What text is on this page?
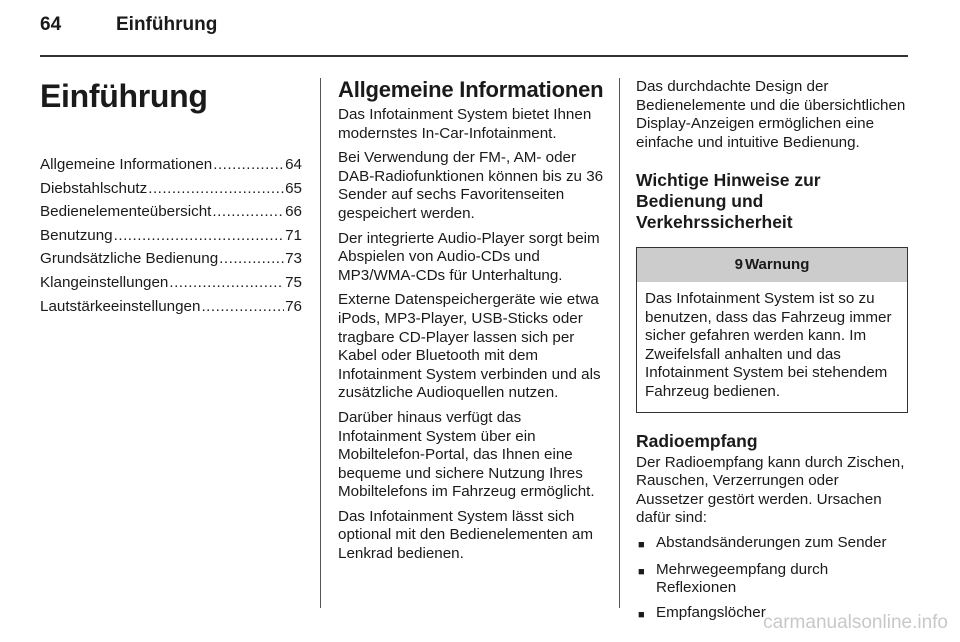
64	Einführung
Einführung
Allgemeine Informationen .....	64
Diebstahlschutz .....	65
Bedienelementeübersicht .....	66
Benutzung .....	71
Grundsätzliche Bedienung .....	73
Klangeinstellungen .....	75
Lautstärkeeinstellungen .....	76
Allgemeine Informationen

Das Infotainment System bietet Ihnen modernstes In-Car-Infotainment.

Bei Verwendung der FM-, AM- oder DAB-Radiofunktionen können bis zu 36 Sender auf sechs Favoritenseiten gespeichert werden.

Der integrierte Audio-Player sorgt beim Abspielen von Audio-CDs und MP3/WMA-CDs für Unterhaltung.

Externe Datenspeichergeräte wie etwa iPods, MP3-Player, USB-Sticks oder tragbare CD-Player lassen sich per Kabel oder Bluetooth mit dem Infotainment System verbinden und als zusätzliche Audioquellen nutzen.

Darüber hinaus verfügt das Infotainment System über ein Mobiltelefon-Portal, das Ihnen eine bequeme und sichere Nutzung Ihres Mobiltelefons im Fahrzeug ermöglicht.

Das Infotainment System lässt sich optional mit den Bedienelementen am Lenkrad bedienen.

Das durchdachte Design der Bedienelemente und die übersichtlichen Display-Anzeigen ermöglichen eine einfache und intuitive Bedienung.

Wichtige Hinweise zur Bedienung und Verkehrssicherheit
9 Warnung
Das Infotainment System ist so zu benutzen, dass das Fahrzeug immer sicher gefahren werden kann. Im Zweifelsfall anhalten und das Infotainment System bei stehendem Fahrzeug bedienen.
Radioempfang

Der Radioempfang kann durch Zischen, Rauschen, Verzerrungen oder Aussetzer gestört werden. Ursachen dafür sind:

■ Abstandsänderungen zum Sender
■ Mehrwegeempfang durch Reflexionen
■ Empfangslöcher
carmanualsonline.info
